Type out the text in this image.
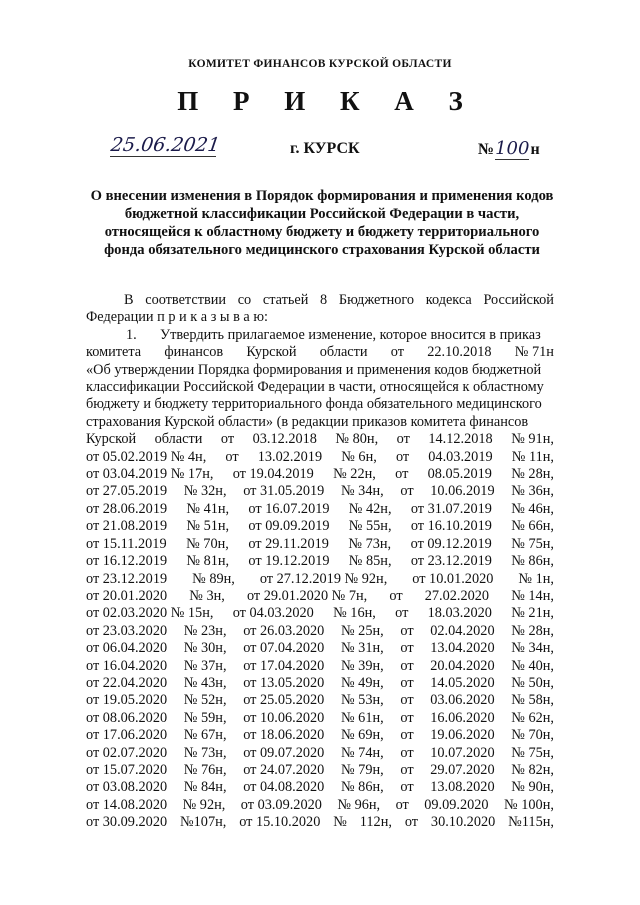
КОМИТЕТ ФИНАНСОВ КУРСКОЙ ОБЛАСТИ
П Р И К А З
25.06.2021	г. КУРСК	№100н
О внесении изменения в Порядок формирования и применения кодов
бюджетной классификации Российской Федерации в части,
относящейся к областному бюджету и бюджету территориального
фонда обязательного медицинского страхования Курской области
В соответствии со статьей 8 Бюджетного кодекса Российской
Федерации п р и к а з ы в а ю:
1.	Утвердить прилагаемое изменение, которое вносится в приказ
комитета финансов Курской области от 22.10.2018 № 71н
«Об утверждении Порядка формирования и применения кодов бюджетной
классификации Российской Федерации в части, относящейся к областному
бюджету и бюджету территориального фонда обязательного медицинского
страхования Курской области» (в редакции приказов комитета финансов
Курской области от 03.12.2018 № 80н, от 14.12.2018 № 91н,
от 05.02.2019 № 4н, от 13.02.2019 № 6н, от 04.03.2019 № 11н,
от 03.04.2019 № 17н, от 19.04.2019 № 22н, от 08.05.2019 № 28н,
от 27.05.2019 № 32н, от 31.05.2019 № 34н, от 10.06.2019 № 36н,
от 28.06.2019 № 41н, от 16.07.2019 № 42н, от 31.07.2019 № 46н,
от 21.08.2019 № 51н, от 09.09.2019 № 55н, от 16.10.2019 № 66н,
от 15.11.2019 № 70н, от 29.11.2019 № 73н, от 09.12.2019 № 75н,
от 16.12.2019 № 81н, от 19.12.2019 № 85н, от 23.12.2019 № 86н,
от 23.12.2019 № 89н, от 27.12.2019 № 92н, от 10.01.2020 № 1н,
от 20.01.2020 № 3н, от 29.01.2020 № 7н, от 27.02.2020 № 14н,
от 02.03.2020 № 15н, от 04.03.2020 № 16н, от 18.03.2020 № 21н,
от 23.03.2020 № 23н, от 26.03.2020 № 25н, от 02.04.2020 № 28н,
от 06.04.2020 № 30н, от 07.04.2020 № 31н, от 13.04.2020 № 34н,
от 16.04.2020 № 37н, от 17.04.2020 № 39н, от 20.04.2020 № 40н,
от 22.04.2020 № 43н, от 13.05.2020 № 49н, от 14.05.2020 № 50н,
от 19.05.2020 № 52н, от 25.05.2020 № 53н, от 03.06.2020 № 58н,
от 08.06.2020 № 59н, от 10.06.2020 № 61н, от 16.06.2020 № 62н,
от 17.06.2020 № 67н, от 18.06.2020 № 69н, от 19.06.2020 № 70н,
от 02.07.2020 № 73н, от 09.07.2020 № 74н, от 10.07.2020 № 75н,
от 15.07.2020 № 76н, от 24.07.2020 № 79н, от 29.07.2020 № 82н,
от 03.08.2020 № 84н, от 04.08.2020 № 86н, от 13.08.2020 № 90н,
от 14.08.2020 № 92н, от 03.09.2020 № 96н, от 09.09.2020 № 100н,
от 30.09.2020 №107н, от 15.10.2020 № 112н, от 30.10.2020 №115н,
